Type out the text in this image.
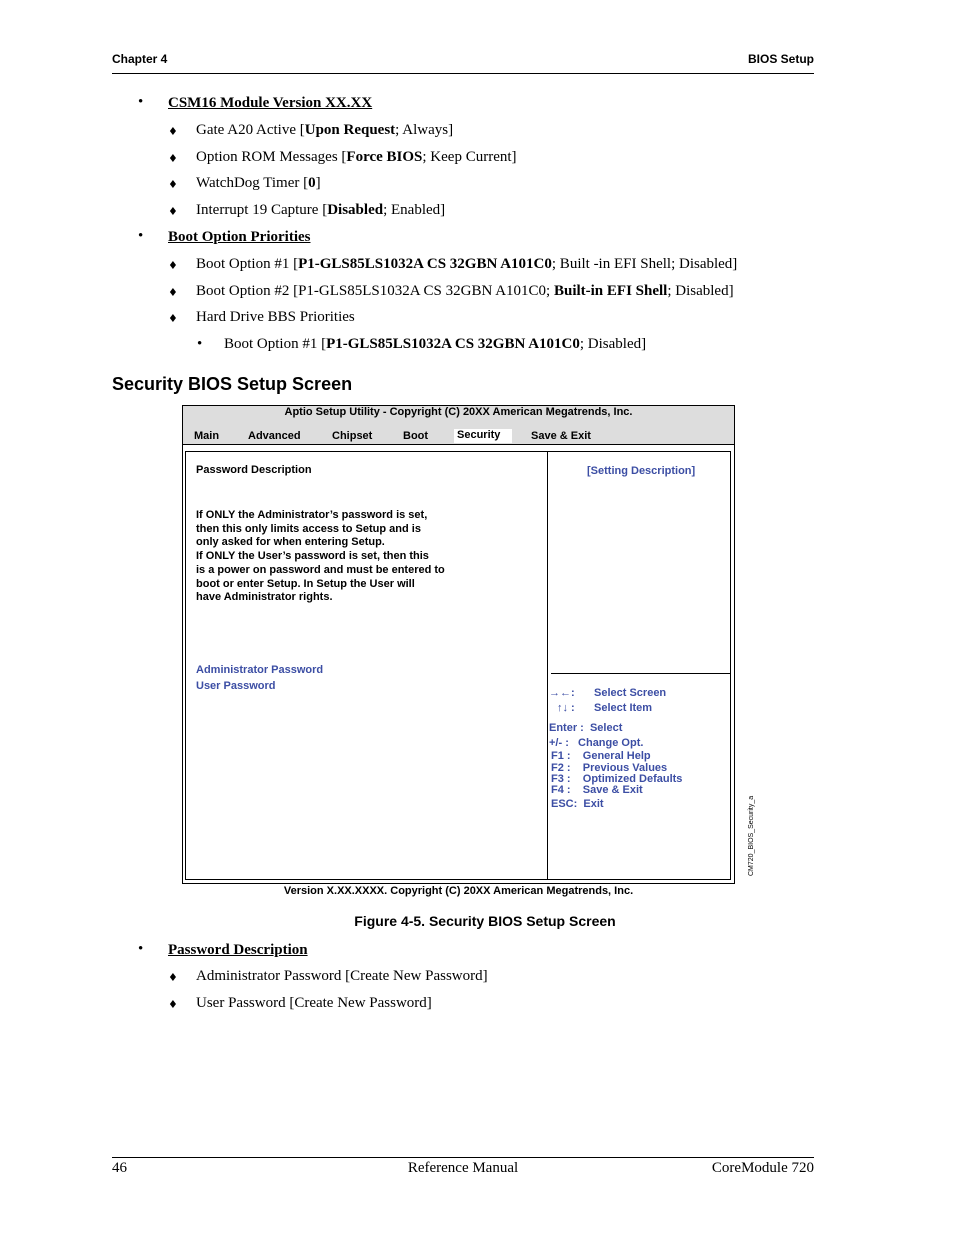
Chapter 4	BIOS Setup
• CSM16 Module Version XX.XX
♦ Gate A20 Active [Upon Request; Always]
♦ Option ROM Messages [Force BIOS; Keep Current]
♦ WatchDog Timer [0]
♦ Interrupt 19 Capture [Disabled; Enabled]
• Boot Option Priorities
♦ Boot Option #1 [P1-GLS85LS1032A CS 32GBN A101C0; Built -in EFI Shell; Disabled]
♦ Boot Option #2 [P1-GLS85LS1032A CS 32GBN A101C0; Built-in EFI Shell; Disabled]
♦ Hard Drive BBS Priorities
• Boot Option #1 [P1-GLS85LS1032A CS 32GBN A101C0; Disabled]
Security BIOS Setup Screen
Aptio Setup Utility - Copyright (C) 20XX American Megatrends, Inc.
Main	Advanced	Chipset	Boot	Security	Save & Exit
Password Description
If ONLY the Administrator’s password is set,
then this only limits access to Setup and is
only asked for when entering Setup.
If ONLY the User’s password is set, then this
is a power on password and must be entered to
boot or enter Setup. In Setup the User will
have Administrator rights.
Administrator Password
User Password
[Setting Description]
→←: Select Screen
↑↓ : Select Item
Enter :  Select
+/- :   Change Opt.
F1 :    General Help
F2 :    Previous Values
F3 :    Optimized Defaults
F4 :    Save & Exit
ESC:  Exit	CM720_BIOS_Security_a
Version X.XX.XXXX. Copyright (C) 20XX American Megatrends, Inc.
Figure 4-5. Security BIOS Setup Screen
• Password Description
♦ Administrator Password [Create New Password]
♦ User Password [Create New Password]
46	Reference Manual	CoreModule 720
